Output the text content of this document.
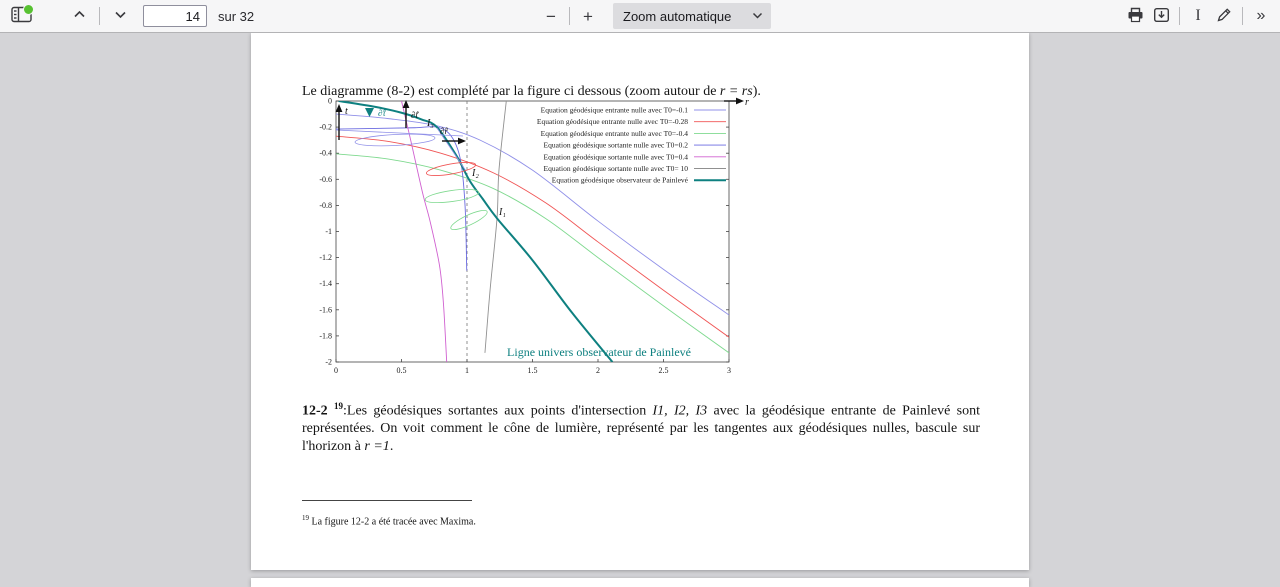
14
sur 32	−	+	Zoom automatique	I	»

Le diagramme (8-2) est complété par la figure ci dessous (zoom autour de r = rs).

0	0.5	1	1.5	2	2.5	3
0
-0.2
-0.4
-0.6
-0.8
-1
-1.2
-1.4
-1.6
-1.8
-2
t	∂̂τ	∂̂t
I₃
∂̂r
I₂
I₁
r
Ligne univers observateur de Painlevé
Equation géodésique entrante nulle avec T0=-0.1
Equation géodésique entrante nulle avec T0=-0.28
Equation géodésique entrante nulle avec T0=-0.4
Equation géodésique sortante nulle avec T0=0.2
Equation géodésique sortante nulle avec T0=0.4
Equation géodésique sortante nulle avec T0= 10
Equation géodésique observateur de Painlevé

12-2 $^{19}$:Les géodésiques sortantes aux points d'intersection I1, I2, I3 avec la géodésique entrante de Painlevé sont représentées. On voit comment le cône de lumière, représenté par les tangentes aux géodésiques nulles, bascule sur l'horizon à r =1.

$^{19}$ La figure 12-2 a été tracée avec Maxima.
